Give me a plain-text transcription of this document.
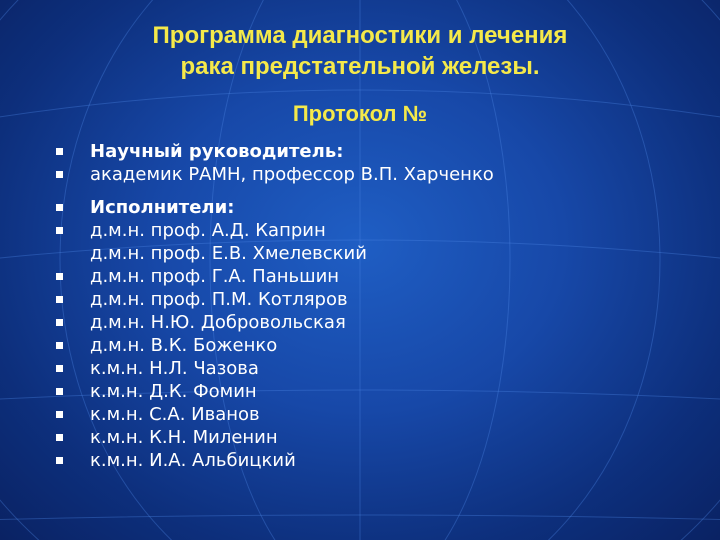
Программа диагностики и лечения
рака предстательной железы.
Протокол №
Научный руководитель:
академик РАМН, профессор В.П. Харченко
Исполнители:
д.м.н. проф. А.Д. Каприн
д.м.н. проф. Е.В. Хмелевский
д.м.н. проф. Г.А. Паньшин
д.м.н. проф. П.М. Котляров
д.м.н. Н.Ю. Добровольская
д.м.н. В.К. Боженко
к.м.н. Н.Л. Чазова
к.м.н. Д.К. Фомин
к.м.н. С.А. Иванов
к.м.н. К.Н. Миленин
к.м.н. И.А. Альбицкий
